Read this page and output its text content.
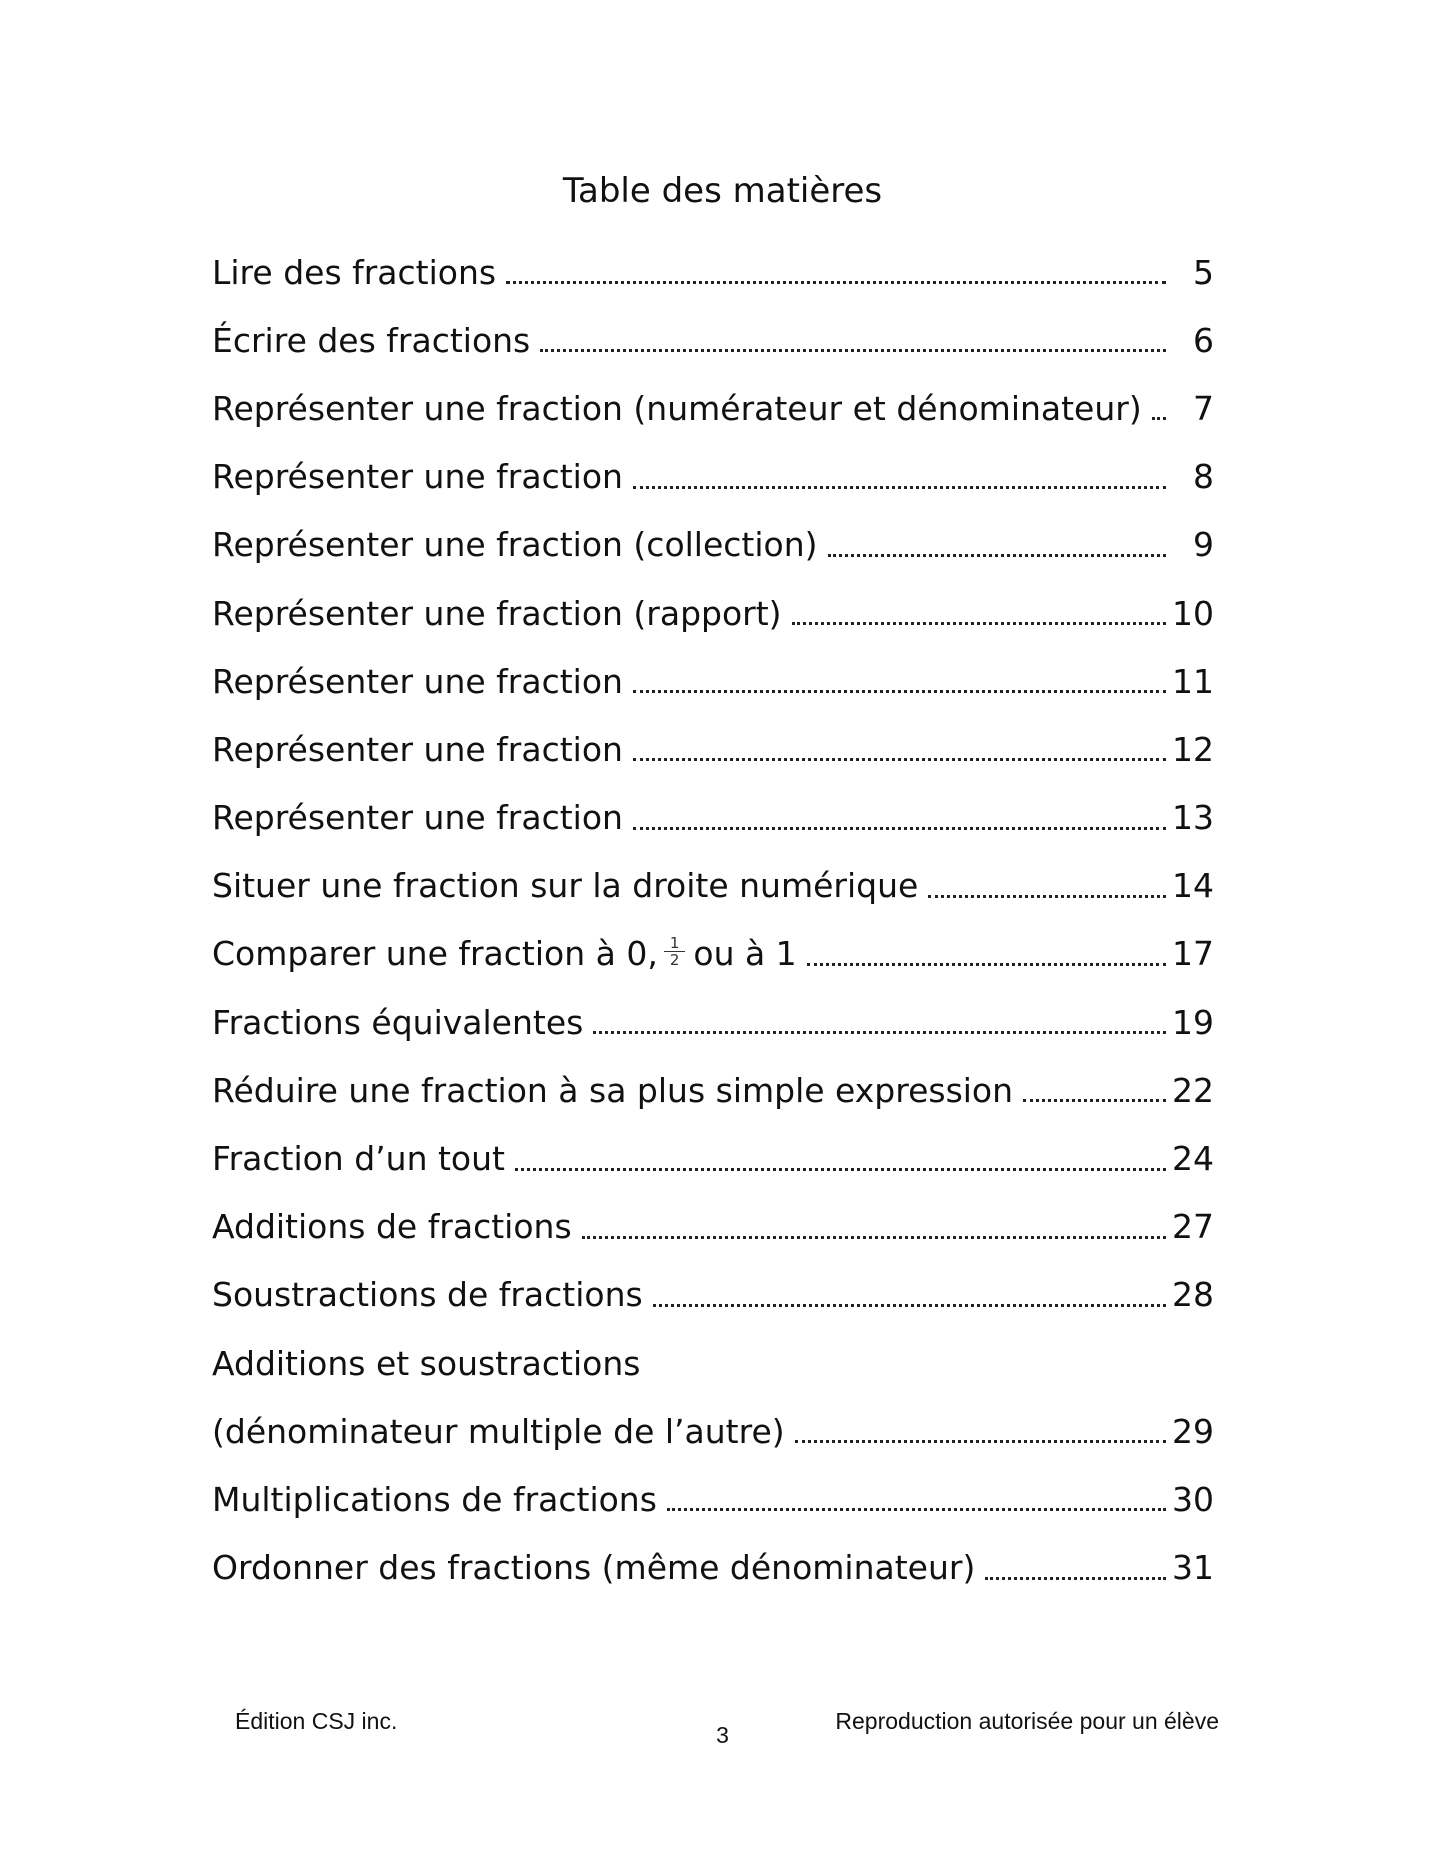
Table des matières
Lire des fractions	5
Écrire des fractions	6
Représenter une fraction (numérateur et dénominateur)	7
Représenter une fraction	8
Représenter une fraction (collection)	9
Représenter une fraction (rapport)	10
Représenter une fraction	11
Représenter une fraction	12
Représenter une fraction	13
Situer une fraction sur la droite numérique	14
Comparer une fraction à 0, $\frac{1}{2}$ ou à 1	17
Fractions équivalentes	19
Réduire une fraction à sa plus simple expression	22
Fraction d’un tout	24
Additions de fractions	27
Soustractions de fractions	28
Additions et soustractions
(dénominateur multiple de l’autre)	29
Multiplications de fractions	30
Ordonner des fractions (même dénominateur)	31
Édition CSJ inc.
3
Reproduction autorisée pour un élève
